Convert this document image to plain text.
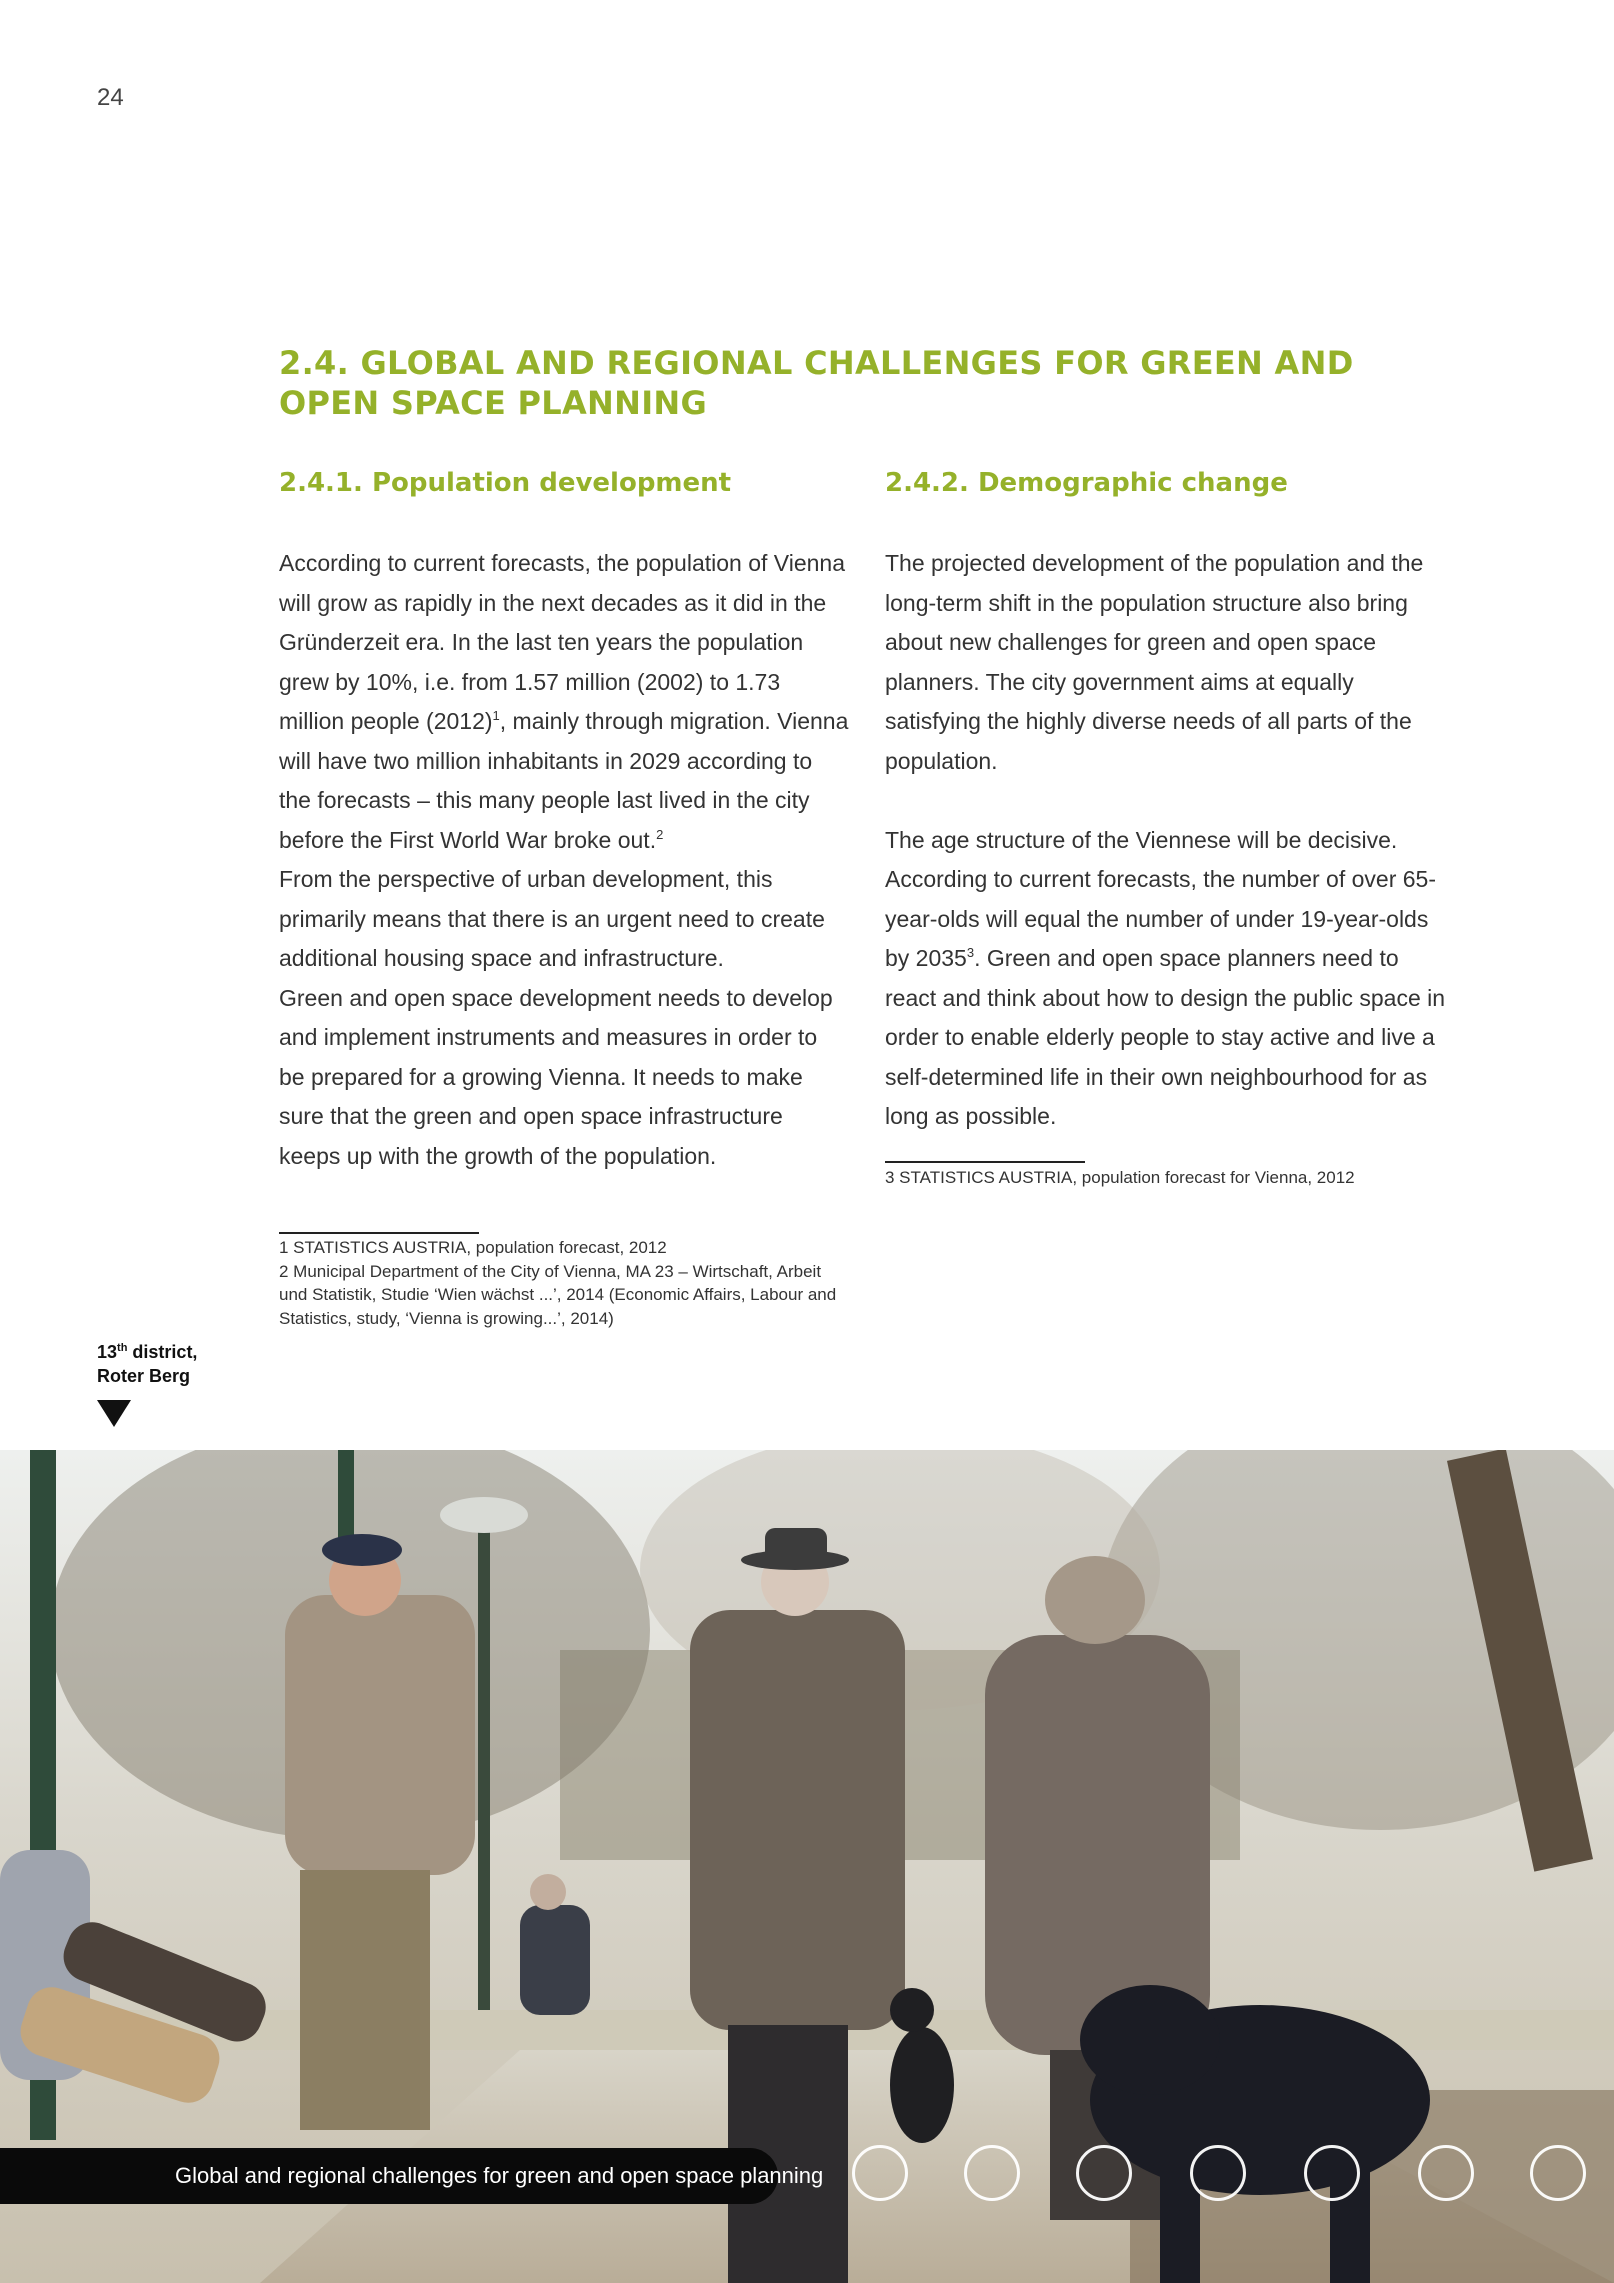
24
2.4. GLOBAL AND REGIONAL CHALLENGES FOR GREEN AND OPEN SPACE PLANNING
2.4.1. Population development	2.4.2. Demographic change

According to current forecasts, the population of Vienna will grow as rapidly in the next decades as it did in the Gründerzeit era. In the last ten years the population grew by 10%, i.e. from 1.57 million (2002) to 1.73 million people $(2012)^1$, mainly through migration. Vienna will have two million inhabitants in 2029 according to the forecasts – this many people last lived in the city before the First World War broke out.$^2$

From the perspective of urban development, this primarily means that there is an urgent need to create additional housing space and infrastructure.

Green and open space development needs to develop and implement instruments and measures in order to be prepared for a growing Vienna. It needs to make sure that the green and open space infrastructure keeps up with the growth of the population.

1 STATISTICS AUSTRIA, population forecast, 2012

2 Municipal Department of the City of Vienna, MA 23 – Wirtschaft, Arbeit und Statistik, Studie ‘Wien wächst ...’, 2014 (Economic Affairs, Labour and Statistics, study, ‘Vienna is growing...’, 2014)

The projected development of the population and the long-term shift in the population structure also bring about new challenges for green and open space planners. The city government aims at equally satisfying the highly diverse needs of all parts of the population.

The age structure of the Viennese will be decisive. According to current forecasts, the number of over 65-year-olds will equal the number of under 19-year-olds by 2035$^3$. Green and open space planners need to react and think about how to design the public space in order to enable elderly people to stay active and live a self-determined life in their own neighbourhood for as long as possible.

3 STATISTICS AUSTRIA, population forecast for Vienna, 2012

13th district,
Roter Berg
Global and regional challenges for green and open space planning
